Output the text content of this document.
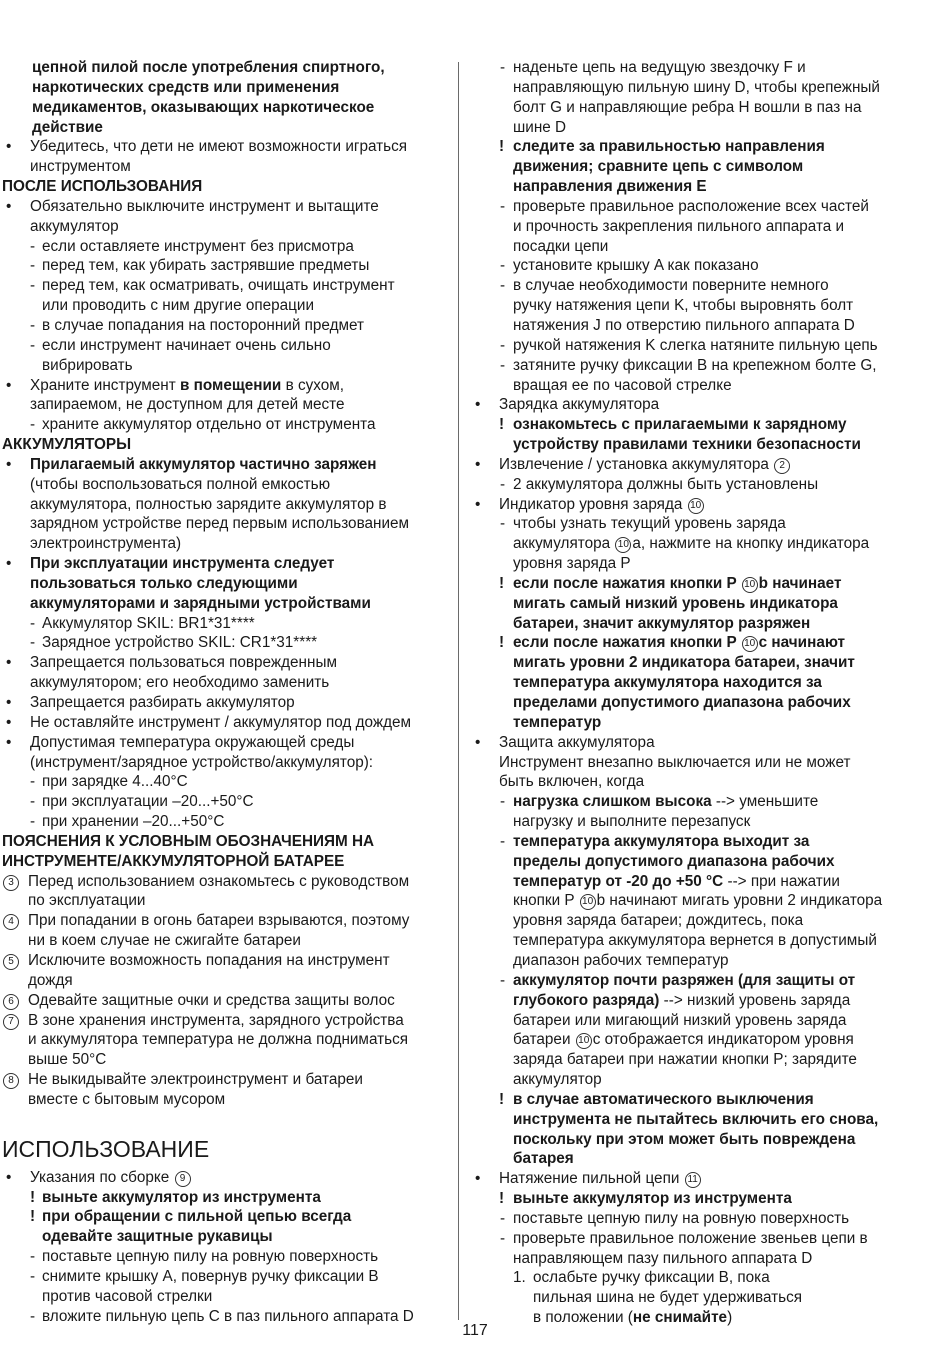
цепной пилой после употребления спиртного,
наркотических средств или применения
медикаментов, оказывающих наркотическое
действие
• Убедитесь, что дети не имеют возможности играться
инструментом
ПОСЛЕ ИСПОЛЬЗОВАНИЯ
• Обязательно выключите инструмент и вытащите
аккумулятор
- если оставляете инструмент без присмотра
- перед тем, как убирать застрявшие предметы
- перед тем, как осматривать, очищать инструмент
или проводить с ним другие операции
- в случае попадания на посторонний предмет
- если инструмент начинает очень сильно
вибрировать
• Храните инструмент в помещении в сухом,
запираемом, не доступном для детей месте
- храните аккумулятор отдельно от инструмента
АККУМУЛЯТОРЫ
• Прилагаемый аккумулятор частично заряжен
(чтобы воспользоваться полной емкостью
аккумулятора, полностью зарядите аккумулятор в
зарядном устройстве перед первым использованием
электроинструмента)
• При эксплуатации инструмента следует
пользоваться только следующими
аккумуляторами и зарядными устройствами
- Аккумулятор SKIL: BR1*31****
- Зарядное устройство SKIL: CR1*31****
• Запрещается пользоваться поврежденным
аккумулятором; его необходимо заменить
• Запрещается разбирать аккумулятор
• Не оставляйте инструмент / аккумулятор под дождем
• Допустимая температура окружающей среды
(инструмент/зарядное устройство/аккумулятор):
- при зарядке 4...40°C
- при эксплуатации –20...+50°C
- при хранении –20...+50°C
ПОЯСНЕНИЯ К УСЛОВНЫМ ОБОЗНАЧЕНИЯМ НА
ИНСТРУМЕНТЕ/АККУМУЛЯТОРНОЙ БАТАРЕЕ
3 Перед использованием ознакомьтесь с руководством
по эксплуатации
4 При попадании в огонь батареи взрываются, поэтому
ни в коем случае не сжигайте батареи
5 Исключите возможность попадания на инструмент
дождя
6 Одевайте защитные очки и средства защиты волос
7 В зоне хранения инструмента, зарядного устройства
и аккумулятора температура не должна подниматься
выше 50°C
8 Не выкидывайте электроинструмент и батареи
вместе с бытовым мусором
ИСПОЛЬЗОВАНИЕ
• Указания по сборке 9
! выньте аккумулятор из инструмента
! при обращении с пильной цепью всегда
одевайте защитные рукавицы
- поставьте цепную пилу на ровную поверхность
- снимите крышку A, повернув ручку фиксации B
против часовой стрелки
- вложите пильную цепь C в паз пильного аппарата D
- наденьте цепь на ведущую звездочку F и
направляющую пильную шину D, чтобы крепежный
болт G и направляющие ребра H вошли в паз на
шине D
! следите за правильностью направления
движения; сравните цепь с символом
направления движения E
- проверьте правильное расположение всех частей
и прочность закрепления пильного аппарата и
посадки цепи
- установите крышку A как показано
- в случае необходимости поверните немного
ручку натяжения цепи K, чтобы выровнять болт
натяжения J по отверстию пильного аппарата D
- ручкой натяжения K слегка натяните пильную цепь
- затяните ручку фиксации B на крепежном болте G,
вращая ее по часовой стрелке
• Зарядка аккумулятора
! ознакомьтесь с прилагаемыми к зарядному
устройству правилами техники безопасности
• Извлечение / установка аккумулятора 2
- 2 аккумулятора должны быть установлены
• Индикатор уровня заряда 10
- чтобы узнать текущий уровень заряда
аккумулятора 10 a, нажмите на кнопку индикатора
уровня заряда P
! если после нажатия кнопки P 10 b начинает
мигать самый низкий уровень индикатора
батареи, значит аккумулятор разряжен
! если после нажатия кнопки P 10 c начинают
мигать уровни 2 индикатора батареи, значит
температура аккумулятора находится за
пределами допустимого диапазона рабочих
температур
• Защита аккумулятора
Инструмент внезапно выключается или не может
быть включен, когда
- нагрузка слишком высока --> уменьшите
нагрузку и выполните перезапуск
- температура аккумулятора выходит за
пределы допустимого диапазона рабочих
температур от -20 до +50 °C --> при нажатии
кнопки P 10 b начинают мигать уровни 2 индикатора
уровня заряда батареи; дождитесь, пока
температура аккумулятора вернется в допустимый
диапазон рабочих температур
- аккумулятор почти разряжен (для защиты от
глубокого разряда) --> низкий уровень заряда
батареи или мигающий низкий уровень заряда
батареи 10 c отображается индикатором уровня
заряда батареи при нажатии кнопки P; зарядите
аккумулятор
! в случае автоматического выключения
инструмента не пытайтесь включить его снова,
поскольку при этом может быть повреждена
батарея
• Натяжение пильной цепи 11
! выньте аккумулятор из инструмента
- поставьте цепную пилу на ровную поверхность
- проверьте правильное положение звеньев цепи в
направляющем пазу пильного аппарата D
1. ослабьте ручку фиксации B, пока
пильная шина не будет удерживаться
в положении (не снимайте)
117
